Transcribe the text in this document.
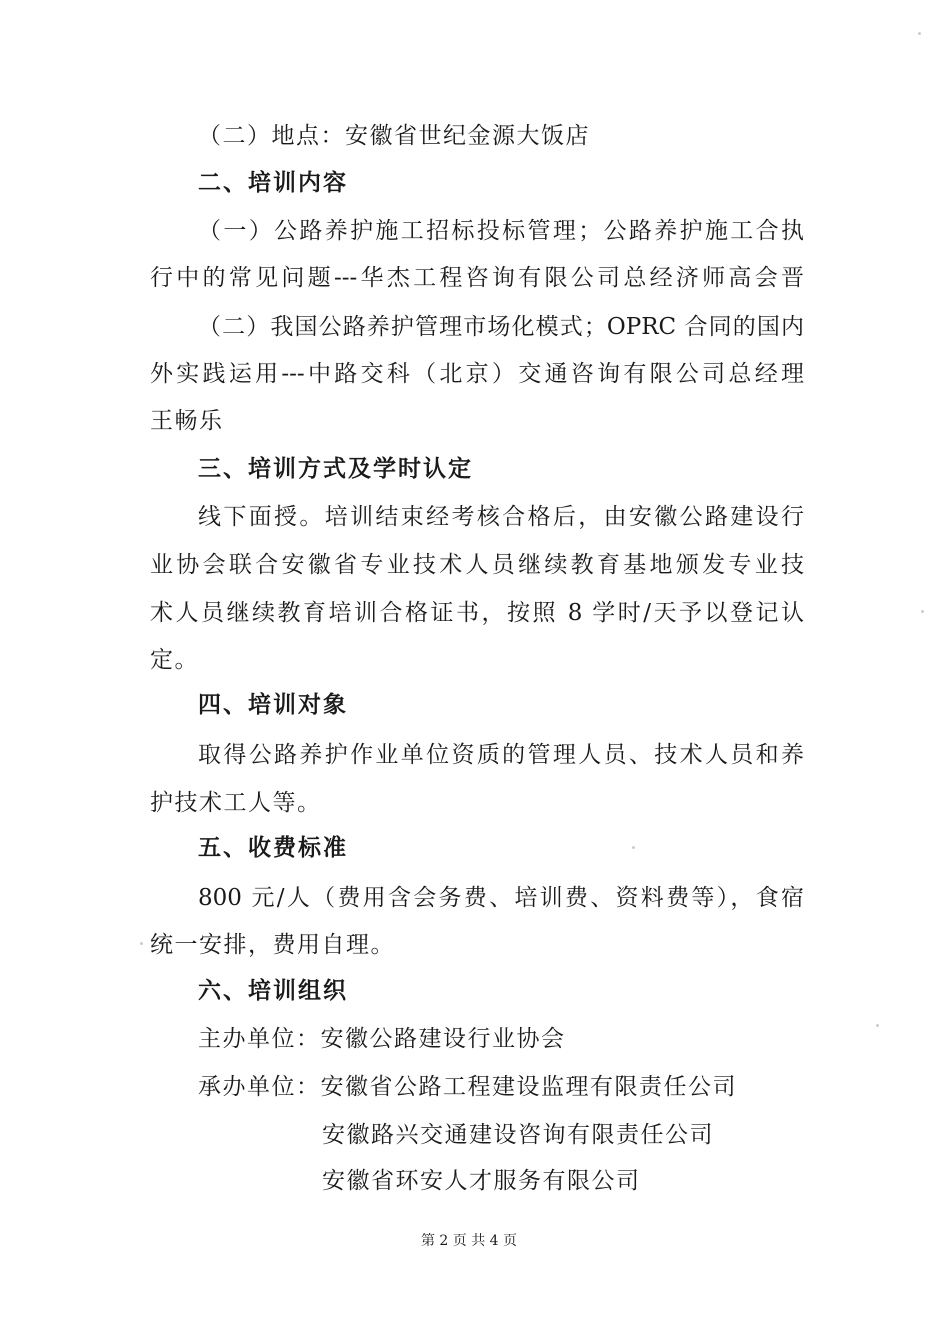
（二）地点：安徽省世纪金源大饭店
二、培训内容
（一）公路养护施工招标投标管理；公路养护施工合执
行中的常见问题---华杰工程咨询有限公司总经济师高会晋
（二）我国公路养护管理市场化模式；OPRC 合同的国内
外实践运用---中路交科（北京）交通咨询有限公司总经理
王畅乐
三、培训方式及学时认定
线下面授。培训结束经考核合格后，由安徽公路建设行
业协会联合安徽省专业技术人员继续教育基地颁发专业技
术人员继续教育培训合格证书，按照 8 学时/天予以登记认
定。
四、培训对象
取得公路养护作业单位资质的管理人员、技术人员和养
护技术工人等。
五、收费标准
800 元/人（费用含会务费、培训费、资料费等），食宿
统一安排，费用自理。
六、培训组织
主办单位：安徽公路建设行业协会
承办单位：安徽省公路工程建设监理有限责任公司
安徽路兴交通建设咨询有限责任公司
安徽省环安人才服务有限公司
第 2 页 共 4 页
